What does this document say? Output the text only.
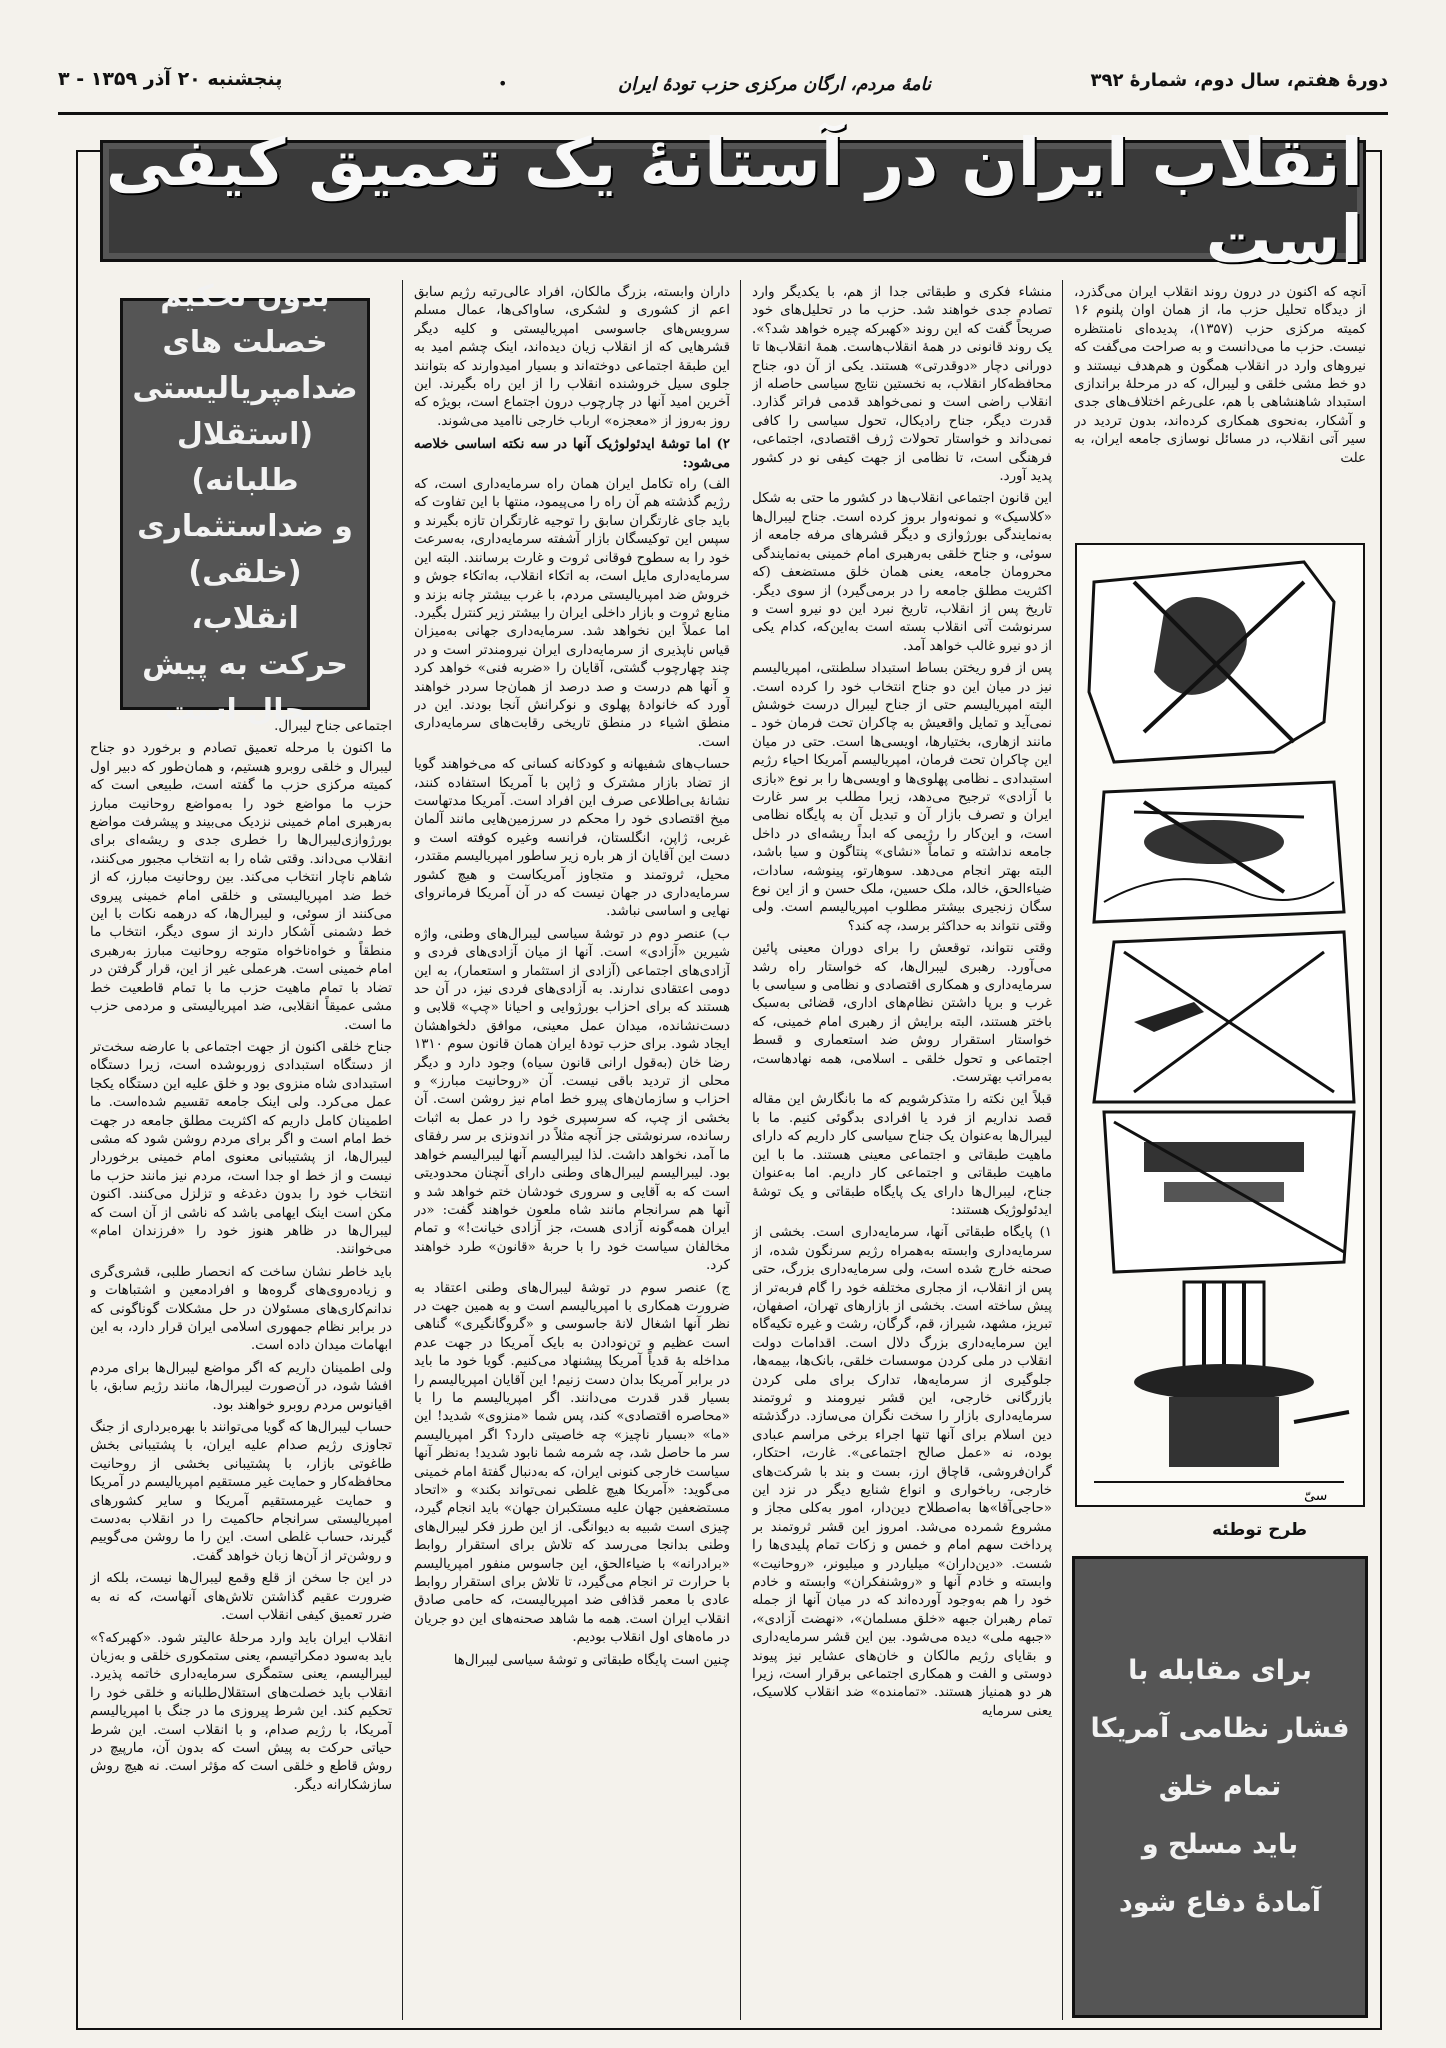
پنجشنبه ۲۰ آذر ۱۳۵۹ - ۳	•	نامهٔ مردم، ارگان مرکزی حزب تودهٔ ایران	دورهٔ هفتم، سال دوم، شمارهٔ ۳۹۲
انقلاب ایران در آستانهٔ یک تعمیق کیفی است

آنچه که اکنون در درون روند انقلاب ایران می‌گذرد، از دیدگاه تحلیل حزب ما، از همان اوان پلنوم ۱۶ کمیته مرکزی حزب (۱۳۵۷)، پدیده‌ای نامنتظره نیست. حزب ما می‌دانست و به صراحت می‌گفت که نیروهای وارد در انقلاب همگون و هم‌هدف نیستند و دو خط مشی خلقی و لیبرال، که در مرحلهٔ براندازی استبداد شاهنشاهی با هم، علی‌رغم اختلاف‌های جدی و آشکار، به‌نحوی همکاری کرده‌اند، بدون تردید در سیر آتی انقلاب، در مسائل نوسازی جامعه ایران، به علت

منشاء فکری و طبقاتی جدا از هم، با یکدیگر وارد تصادم جدی خواهند شد. حزب ما در تحلیل‌های خود صریحاً گفت که این روند «کهبرکه چیره خواهد شد؟». یک روند قانونی در همهٔ انقلاب‌هاست. همهٔ انقلاب‌ها تا دورانی دچار «دوقدرتی» هستند. یکی از آن دو، جناح محافظه‌کار انقلاب، به نخستین نتایج سیاسی حاصله از انقلاب راضی است و نمی‌خواهد قدمی فراتر گذارد. قدرت دیگر، جناح رادیکال، تحول سیاسی را کافی نمی‌داند و خواستار تحولات ژرف اقتصادی، اجتماعی، فرهنگی است، تا نظامی از جهت کیفی نو در کشور پدید آورد.

این قانون اجتماعی انقلاب‌ها در کشور ما حتی به شکل «کلاسیک» و نمونه‌وار بروز کرده است. جناح لیبرال‌ها به‌نمایندگی بورژوازی و دیگر قشرهای مرفه جامعه از سوئی، و جناح خلقی به‌رهبری امام خمینی به‌نمایندگی محرومان جامعه، یعنی همان خلق مستضعف (که اکثریت مطلق جامعه را در برمی‌گیرد) از سوی دیگر. تاریخ پس از انقلاب، تاریخ نبرد این دو نیرو است و سرنوشت آتی انقلاب بسته است به‌این‌که، کدام یکی از دو نیرو غالب خواهد آمد.

پس از فرو ریختن بساط استبداد سلطنتی، امپریالیسم نیز در میان این دو جناح انتخاب خود را کرده است. البته امپریالیسم حتی از جناح لیبرال درست خوشش نمی‌آید و تمایل واقعیش به چاکران تحت فرمان خود ـ مانند ازهاری، بختیارها، اویسی‌ها است. حتی در میان این چاکران تحت فرمان، امپریالیسم آمریکا احیاء رژیم استبدادی ـ نظامی پهلوی‌ها و اویسی‌ها را بر نوع «بازی با آزادی» ترجیح می‌دهد، زیرا مطلب بر سر غارت ایران و تصرف بازار آن و تبدیل آن به پایگاه نظامی است، و این‌کار را رژیمی که ابداً ریشه‌ای در داخل جامعه نداشته و تماماً «نشای» پنتاگون و سیا باشد، البته بهتر انجام می‌دهد. سوهارتو، پینوشه، سادات، ضیاءالحق، خالد، ملک حسین، ملک حسن و از این نوع سگان زنجیری بیشتر مطلوب امپریالیسم است. ولی وقتی نتواند به حداکثر برسد، چه کند؟

وقتی نتواند، توقعش را برای دوران معینی پائین می‌آورد. رهبری لیبرال‌ها، که خواستار راه رشد سرمایه‌داری و همکاری اقتصادی و نظامی و سیاسی با غرب و برپا داشتن نظام‌های اداری، قضائی به‌سبک باختر هستند، البته برایش از رهبری امام خمینی، که خواستار استقرار روش ضد استعماری و قسط اجتماعی و تحول خلقی ـ اسلامی، همه نهادهاست، به‌مراتب بهترست.

قبلاً این نکته را متذکرشویم که ما بانگارش این مقاله قصد نداریم از فرد یا افرادی بدگوئی کنیم. ما با لیبرال‌ها به‌عنوان یک جناح سیاسی کار داریم که دارای ماهیت طبقاتی و اجتماعی معینی هستند. ما با این ماهیت طبقاتی و اجتماعی کار داریم. اما به‌عنوان جناح، لیبرال‌ها دارای یک پایگاه طبقاتی و یک توشهٔ ایدئولوژیک هستند:

۱) پایگاه طبقاتی آنها، سرمایه‌داری است. بخشی از سرمایه‌داری وابسته به‌همراه رژیم سرنگون شده، از صحنه خارج شده است، ولی سرمایه‌داری بزرگ، حتی پس از انقلاب، از مجاری مختلفه خود را گام فربه‌تر از پیش ساخته است. بخشی از بازارهای تهران، اصفهان، تبریز، مشهد، شیراز، قم، گرگان، رشت و غیره تکیه‌گاه این سرمایه‌داری بزرگ دلال است. اقدامات دولت انقلاب در ملی کردن موسسات خلقی، بانک‌ها، بیمه‌ها، جلوگیری از سرمایه‌ها، تدارک برای ملی کردن بازرگانی خارجی، این قشر نیرومند و ثروتمند سرمایه‌داری بازار را سخت نگران می‌سازد. درگذشته دین اسلام برای آنها تنها اجراء برخی مراسم عبادی بوده، نه «عمل صالح اجتماعی». غارت، احتکار، گران‌فروشی، قاچاق ارز، بست و بند با شرکت‌های خارجی، رباخواری و انواع شنایع دیگر در نزد این «حاجی‌آقا»ها به‌اصطلاح دین‌دار، امور به‌کلی مجاز و مشروع شمرده می‌شد. امروز این قشر ثروتمند بر پرداخت سهم امام و خمس و زکات تمام پلیدی‌ها را شست. «دین‌داران» میلیاردر و میلیونر، «روحانیت» وابسته و خادم آنها و «روشنفکران» وابسته و خادم خود را هم به‌وجود آورده‌اند که در میان آنها از جمله تمام رهبران جبهه «خلق مسلمان»، «نهضت آزادی»، «جبهه ملی» دیده می‌شود. بین این قشر سرمایه‌داری و بقایای رژیم مالکان و خان‌های عشایر نیز پیوند دوستی و الفت و همکاری اجتماعی برقرار است، زیرا هر دو همنیاز هستند. «تمامنده» ضد انقلاب کلاسیک، یعنی سرمایه

داران وابسته، بزرگ مالکان، افراد عالی‌رتبه رژیم سابق اعم از کشوری و لشکری، ساواکی‌ها، عمال مسلم سرویس‌های جاسوسی امپریالیستی و کلیه دیگر قشرهایی که از انقلاب زیان دیده‌اند، اینک چشم امید به این طبقهٔ اجتماعی دوخته‌اند و بسیار امیدوارند که بتوانند جلوی سیل خروشنده انقلاب را از این راه بگیرند. این آخرین امید آنها در چارچوب درون اجتماع است، بویژه که روز به‌روز از «معجزه» ارباب خارجی ناامید می‌شوند.

۲) اما توشهٔ ایدئولوژیک آنها در سه نکته اساسی خلاصه می‌شود:

الف) راه تکامل ایران همان راه سرمایه‌داری است، که رژیم گذشته هم آن راه را می‌پیمود، منتها با این تفاوت که باید جای غارتگران سابق را توجیه غارتگران تازه بگیرند و سپس این توکیسگان بازار آشفته سرمایه‌داری، به‌سرعت خود را به سطوح فوقانی ثروت و غارت برسانند. البته این سرمایه‌داری مایل است، به اتکاء انقلاب، به‌اتکاء جوش و خروش ضد امپریالیستی مردم، با غرب بیشتر چانه بزند و منابع ثروت و بازار داخلی ایران را بیشتر زیر کنترل بگیرد. اما عملاً این نخواهد شد. سرمایه‌داری جهانی به‌میزان قیاس ناپذیری از سرمایه‌داری ایران نیرومندتر است و در چند چهارچوب گشتی، آقایان را «ضربه فنی» خواهد کرد و آنها هم درست و صد درصد از همان‌جا سردر خواهند آورد که خانوادهٔ پهلوی و نوکرانش آنجا بودند. این در منطق اشیاء در منطق تاریخی رقابت‌های سرمایه‌داری است.

حساب‌های شفیهانه و کودکانه کسانی که می‌خواهند گویا از تضاد بازار مشترک و ژاپن با آمریکا استفاده کنند، نشانهٔ بی‌اطلاعی صرف این افراد است. آمریکا مدتهاست میخ اقتصادی خود را محکم در سرزمین‌هایی مانند آلمان غربی، ژاپن، انگلستان، فرانسه وغیره کوفته است و دست این آقایان از هر باره زیر ساطور امپریالیسم مقتدر، محیل، ثروتمند و متجاوز آمریکاست و هیچ کشور سرمایه‌داری در جهان نیست که در آن آمریکا فرمانروای نهایی و اساسی نباشد.

ب) عنصر دوم در توشهٔ سیاسی لیبرال‌های وطنی، واژه شیرین «آزادی» است. آنها از میان آزادی‌های فردی و آزادی‌های اجتماعی (آزادی از استثمار و استعمار)، به این دومی اعتقادی ندارند. به آزادی‌های فردی نیز، در آن حد هستند که برای احزاب بورژوایی و احیانا «چپ» قلابی و دست‌نشانده، میدان عمل معینی، موافق دلخواهشان ایجاد شود. برای حزب تودهٔ ایران همان قانون سوم ۱۳۱۰ رضا خان (به‌قول ارانی قانون سیاه) وجود دارد و دیگر محلی از تردید باقی نیست. آن «روحانیت مبارز» و احزاب و سازمان‌های پیرو خط امام نیز روشن است. آن بخشی از چپ، که سرسپری خود را در عمل به اثبات رسانده، سرنوشتی جز آنچه مثلاً در اندونزی بر سر رفقای ما آمد، نخواهد داشت. لذا لیبرالیسم آنها لیبرالیسم خواهد بود. لیبرالیسم لیبرال‌های وطنی دارای آنچنان محدودیتی است که به آقایی و سروری خودشان ختم خواهد شد و آنها هم سرانجام مانند شاه ملعون خواهند گفت: «در ایران همه‌گونه آزادی هست، جز آزادی خیانت!» و تمام مخالفان سیاست خود را با حربهٔ «قانون» طرد خواهند کرد.

ج) عنصر سوم در توشهٔ لیبرال‌های وطنی اعتقاد به ضرورت همکاری با امپریالیسم است و به همین جهت در نظر آنها اشغال لانهٔ جاسوسی و «گروگانگیری» گناهی است عظیم و تن‌نودادن به بایک آمریکا در جهت عدم مداخله بهٔ قدیاً آمریکا پیشنهاد می‌کنیم. گویا خود ما باید در برابر آمریکا بدان دست زنیم! این آقایان امپریالیسم را بسیار قدر قدرت می‌دانند. اگر امپریالیسم ما را با «محاصره اقتصادی» کند، پس شما «منزوی» شدید! این «ما» «بسیار ناچیز» چه خاصیتی دارد؟ اگر امپریالیسم سر ما حاصل شد، چه شرمه شما نابود شدید! به‌نظر آنها سیاست خارجی کنونی ایران، که به‌دنبال گفتهٔ امام خمینی می‌گوید: «آمریکا هیچ غلطی نمی‌تواند بکند» و «اتحاد مستضعفین جهان علیه مستکبران جهان» باید انجام گیرد، چیزی است شبیه به دیوانگی. از این طرز فکر لیبرال‌های وطنی بدانجا می‌رسد که تلاش برای استقرار روابط «برادرانه» با ضیاءالحق، این جاسوس منفور امپریالیسم با حرارت تر انجام می‌گیرد، تا تلاش برای استقرار روابط عادی با معمر قذافی ضد امپریالیست، که حامی صادق انقلاب ایران است. همه ما شاهد صحنه‌های این دو جریان در ماه‌های اول انقلاب بودیم.

چنین است پایگاه طبقاتی و توشهٔ سیاسی لیبرال‌ها

بدون تحکیم
خصلت های
ضدامپریالیستی
(استقلال طلبانه)
و ضداستثماری
(خلقی) انقلاب،
حرکت به پیش
محال است	اجتماعی جناح لیبرال.

ما اکنون با مرحله تعمیق تصادم و برخورد دو جناح لیبرال و خلقی روبرو هستیم، و همان‌طور که دبیر اول کمیته مرکزی حزب ما گفته است، طبیعی است که حزب ما مواضع خود را به‌مواضع روحانیت مبارز به‌رهبری امام خمینی نزدیک می‌بیند و پیشرفت مواضع بورژوازی‌لیبرال‌ها را خطری جدی و ریشه‌ای برای انقلاب می‌داند. وقتی شاه را به انتخاب مجبور می‌کنند، شاهم ناچار انتخاب می‌کند. بین روحانیت مبارز، که از خط ضد امپریالیستی و خلقی امام خمینی پیروی می‌کنند از سوئی، و لیبرال‌ها، که درهمه نکات با این خط دشمنی آشکار دارند از سوی دیگر، انتخاب ما منطقاً و خواه‌ناخواه متوجه روحانیت مبارز به‌رهبری امام خمینی است. هرعملی غیر از این، قرار گرفتن در تضاد با تمام ماهیت حزب ما با تمام قاطعیت خط مشی عمیقاً انقلابی، ضد امپریالیستی و مردمی حزب ما است.

جناح خلقی اکنون از جهت اجتماعی با عارضه سخت‌تر از دستگاه استبدادی زوربوشده است، زیرا دستگاه استبدادی شاه منزوی بود و خلق علیه این دستگاه یکجا عمل می‌کرد. ولی اینک جامعه تقسیم شده‌است. ما اطمینان کامل داریم که اکثریت مطلق جامعه در جهت خط امام است و اگر برای مردم روشن شود که مشی لیبرال‌ها، از پشتیبانی معنوی امام خمینی برخوردار نیست و از خط او جدا است، مردم نیز مانند حزب ما انتخاب خود را بدون دغدغه و تزلزل می‌کنند. اکنون مکن است اینک ایهامی باشد که ناشی از آن است که لیبرال‌ها در ظاهر هنوز خود را «فرزندان امام» می‌خوانند.

باید خاطر نشان ساخت که انحصار طلبی، قشری‌گری و زیاده‌روی‌های گروه‌ها و افرادمعین و اشتباهات و ندانم‌کاری‌های مسئولان در حل مشکلات گوناگونی که در برابر نظام جمهوری اسلامی ایران قرار دارد، به این ابهامات میدان داده است.

ولی اطمینان داریم که اگر مواضع لیبرال‌ها برای مردم افشا شود، در آن‌صورت لیبرال‌ها، مانند رژیم سابق، با اقیانوس مردم روبرو خواهند بود.

حساب لیبرال‌ها که گویا می‌توانند با بهره‌برداری از جنگ تجاوزی رژیم صدام علیه ایران، با پشتیبانی بخش طاغوتی بازار، با پشتیبانی بخشی از روحانیت محافظه‌کار و حمایت غیر مستقیم امپریالیسم در آمریکا و حمایت غیرمستقیم آمریکا و سایر کشورهای امپریالیستی سرانجام حاکمیت را در انقلاب به‌دست گیرند، حساب غلطی است. این را ما روشن می‌گوییم و روشن‌تر از آن‌ها زبان خواهد گفت.

در این جا سخن از قلع وقمع لیبرال‌ها نیست، بلکه از ضرورت عقیم گذاشتن تلاش‌های آنهاست، که نه به ضرر تعمیق کیفی انقلاب است.

انقلاب ایران باید وارد مرحلهٔ عالیتر شود. «کهبرکه؟» باید به‌سود دمکراتیسم، یعنی ستمکوری خلقی و به‌زیان لیبرالیسم، یعنی ستمگری سرمایه‌داری خاتمه پذیرد. انقلاب باید خصلت‌های استقلال‌طلبانه و خلقی خود را تحکیم کند. این شرط پیروزی ما در جنگ با امپریالیسم آمریکا، با رژیم صدام، و با انقلاب است. این شرط حیاتی حرکت به پیش است که بدون آن، مارپیچ در روش قاطع و خلقی است که مؤثر است. نه هیچ روش سازشکارانه دیگر.

سیّ
طرح توطئه
برای مقابله با
فشار نظامی آمریکا
تمام خلق
باید مسلح و
آمادهٔ دفاع شود
